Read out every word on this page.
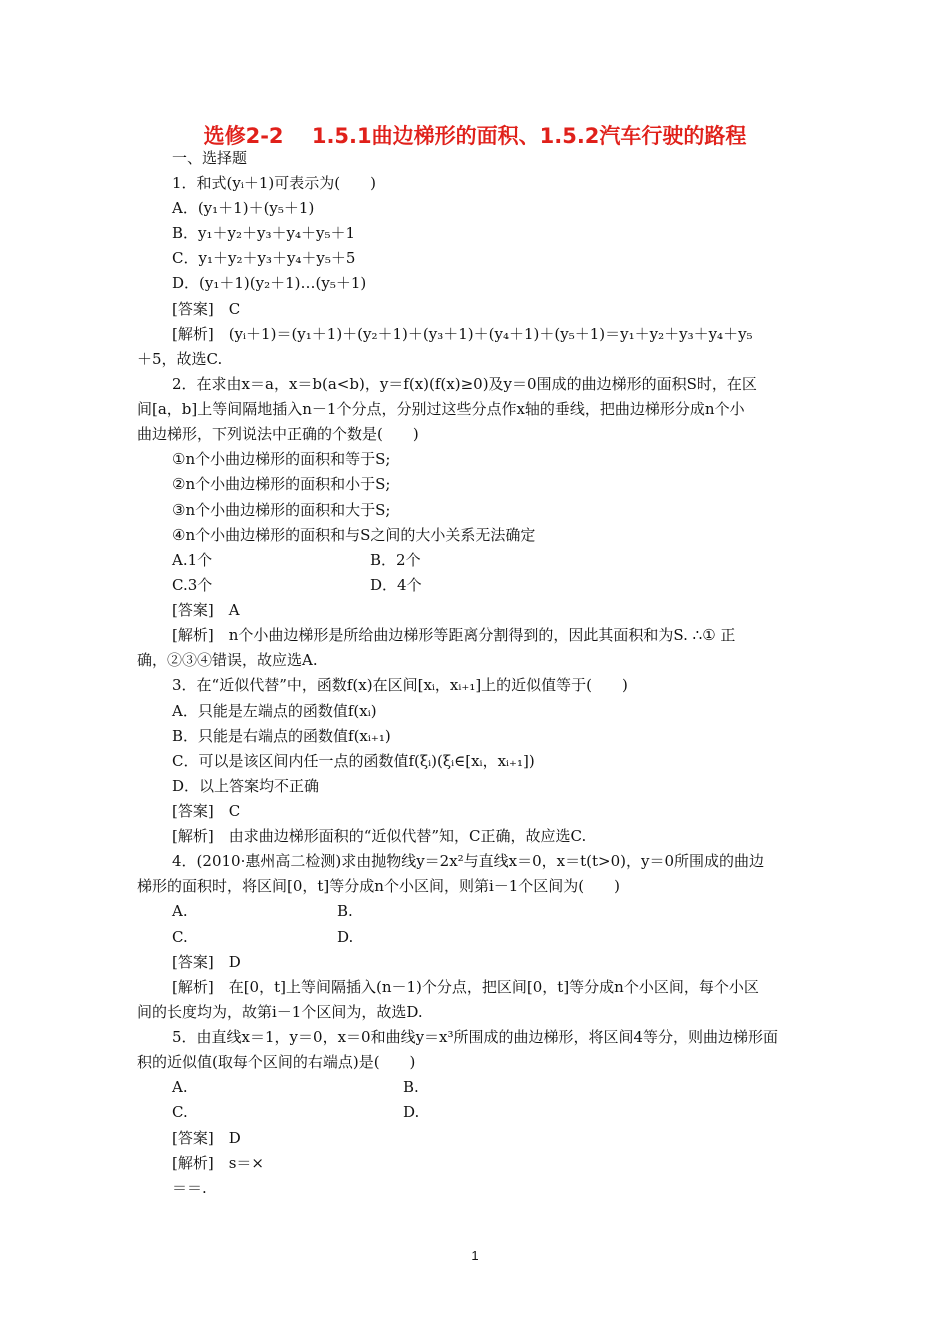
选修2-2　 1.5.1曲边梯形的面积、1.5.2汽车行驶的路程
一、选择题
1．和式(yᵢ＋1)可表示为(　　)
A．(y₁＋1)＋(y₅＋1)
B．y₁＋y₂＋y₃＋y₄＋y₅＋1
C．y₁＋y₂＋y₃＋y₄＋y₅＋5
D．(y₁＋1)(y₂＋1)…(y₅＋1)
[答案]　C
[解析]　(yᵢ＋1)＝(y₁＋1)＋(y₂＋1)＋(y₃＋1)＋(y₄＋1)＋(y₅＋1)＝y₁＋y₂＋y₃＋y₄＋y₅
＋5，故选C.
2．在求由x＝a，x＝b(a<b)，y＝f(x)(f(x)≥0)及y＝0围成的曲边梯形的面积S时，在区
间[a，b]上等间隔地插入n－1个分点，分别过这些分点作x轴的垂线，把曲边梯形分成n个小
曲边梯形，下列说法中正确的个数是(　　)
①n个小曲边梯形的面积和等于S;
②n个小曲边梯形的面积和小于S;
③n个小曲边梯形的面积和大于S;
④n个小曲边梯形的面积和与S之间的大小关系无法确定
A.1个	B．2个
C.3个	D．4个
[答案]　A
[解析]　n个小曲边梯形是所给曲边梯形等距离分割得到的，因此其面积和为S. ∴① 正
确，②③④错误，故应选A.
3．在“近似代替”中，函数f(x)在区间[xᵢ，xᵢ₊₁]上的近似值等于(　　)
A．只能是左端点的函数值f(xᵢ)
B．只能是右端点的函数值f(xᵢ₊₁)
C．可以是该区间内任一点的函数值f(ξᵢ)(ξᵢ∈[xᵢ，xᵢ₊₁])
D．以上答案均不正确
[答案]　C
[解析]　由求曲边梯形面积的“近似代替”知，C正确，故应选C.
4．(2010·惠州高二检测)求由抛物线y＝2x²与直线x＝0，x＝t(t>0)，y＝0所围成的曲边
梯形的面积时，将区间[0，t]等分成n个小区间，则第i－1个区间为(　　)
A.	B.
C.	D.
[答案]　D
[解析]　在[0，t]上等间隔插入(n－1)个分点，把区间[0，t]等分成n个小区间，每个小区
间的长度均为，故第i－1个区间为，故选D.
5．由直线x＝1，y＝0，x＝0和曲线y＝x³所围成的曲边梯形，将区间4等分，则曲边梯形面
积的近似值(取每个区间的右端点)是(　　)
A.	B.
C.	D.
[答案]　D
[解析]　s＝×
＝＝.
1
